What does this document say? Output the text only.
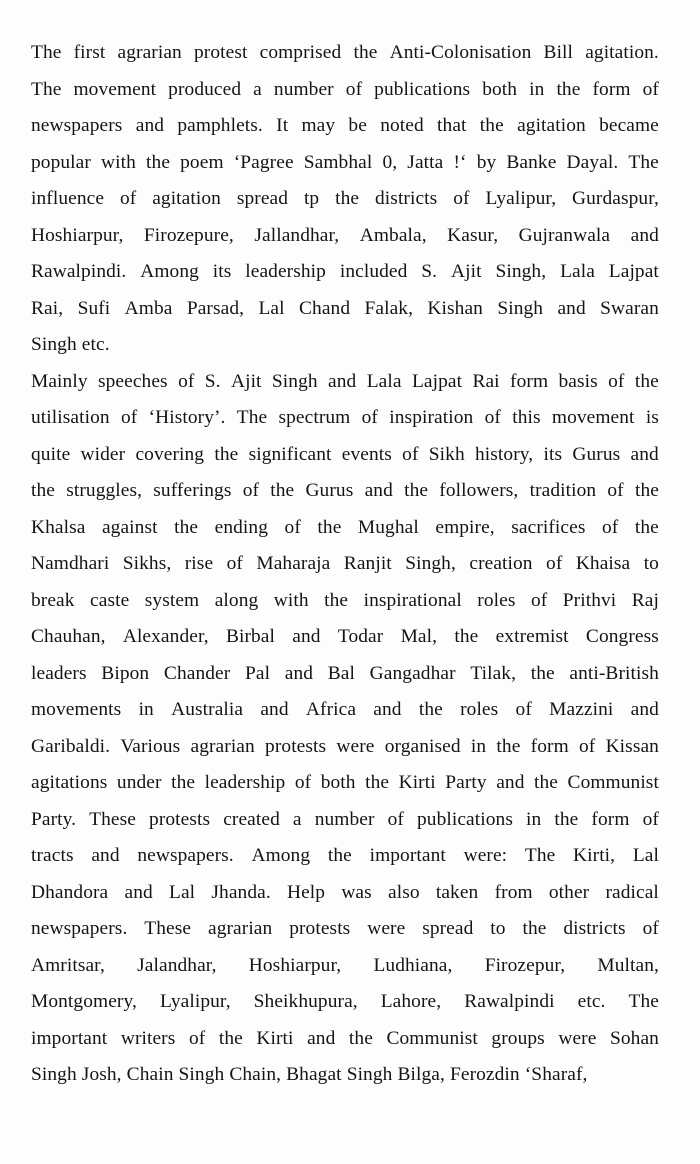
The first agrarian protest comprised the Anti-Colonisation Bill agitation.
The movement produced a number of publications both in the form of
newspapers and pamphlets. It may be noted that the agitation became
popular with the poem ‘Pagree Sambhal 0, Jatta !‘ by Banke Dayal. The
influence of agitation spread tp the districts of Lyalipur, Gurdaspur,
Hoshiarpur, Firozepure, Jallandhar, Ambala, Kasur, Gujranwala and
Rawalpindi. Among its leadership included S. Ajit Singh, Lala Lajpat
Rai, Sufi Amba Parsad, Lal Chand Falak, Kishan Singh and Swaran
Singh etc.
Mainly speeches of S. Ajit Singh and Lala Lajpat Rai form basis of the
utilisation of ‘History’. The spectrum of inspiration of this movement is
quite wider covering the significant events of Sikh history, its Gurus and
the struggles, sufferings of the Gurus and the followers, tradition of the
Khalsa against the ending of the Mughal empire, sacrifices of the
Namdhari Sikhs, rise of Maharaja Ranjit Singh, creation of Khaisa to
break caste system along with the inspirational roles of Prithvi Raj
Chauhan, Alexander, Birbal and Todar Mal, the extremist Congress
leaders Bipon Chander Pal and Bal Gangadhar Tilak, the anti-British
movements in Australia and Africa and the roles of Mazzini and
Garibaldi. Various agrarian protests were organised in the form of Kissan
agitations under the leadership of both the Kirti Party and the Communist
Party. These protests created a number of publications in the form of
tracts and newspapers. Among the important were: The Kirti, Lal
Dhandora and Lal Jhanda. Help was also taken from other radical
newspapers. These agrarian protests were spread to the districts of
Amritsar, Jalandhar, Hoshiarpur, Ludhiana, Firozepur, Multan,
Montgomery, Lyalipur, Sheikhupura, Lahore, Rawalpindi etc. The
important writers of the Kirti and the Communist groups were Sohan
Singh Josh, Chain Singh Chain, Bhagat Singh Bilga, Ferozdin ‘Sharaf,
